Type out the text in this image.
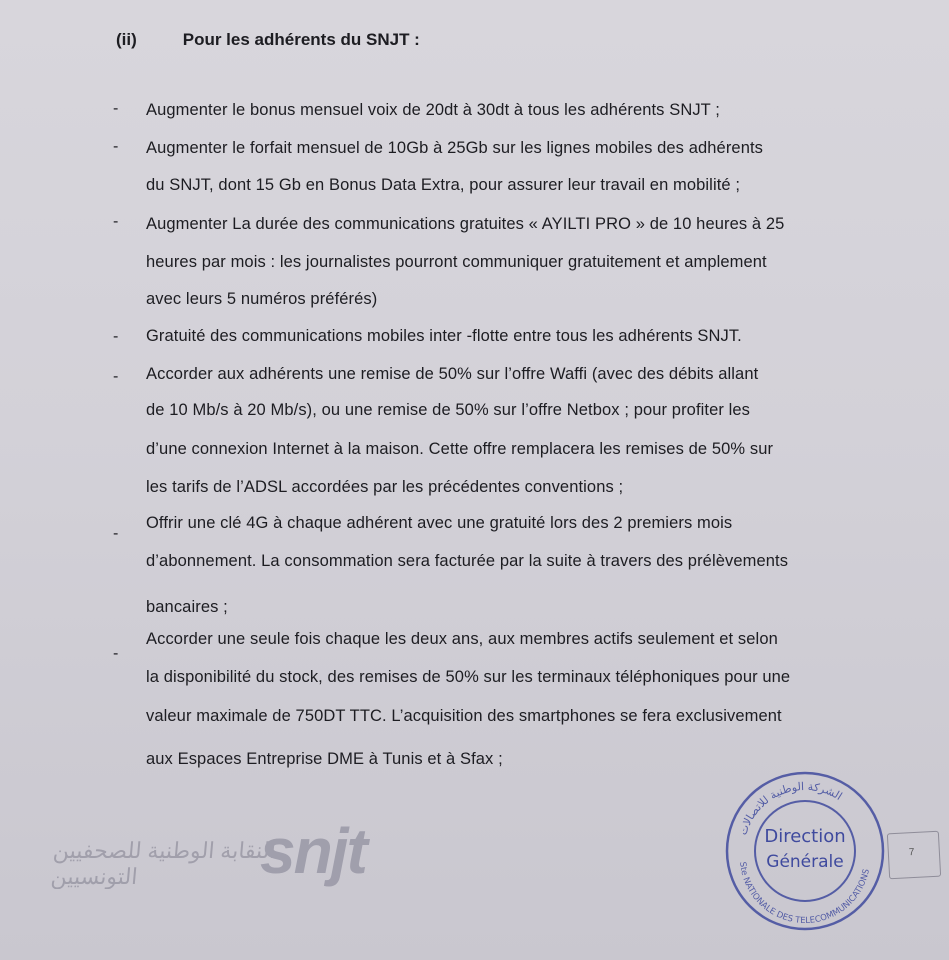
(ii)	Pour les adhérents du SNJT :
-
-
-
-
-
-
-
Augmenter le bonus mensuel voix de 20dt à 30dt à tous les adhérents SNJT ;
Augmenter le forfait mensuel de 10Gb à 25Gb sur les lignes mobiles des adhérents
du SNJT, dont 15 Gb en Bonus Data Extra, pour assurer leur travail en mobilité ;
Augmenter La durée des communications gratuites « AYILTI PRO » de 10 heures à 25
heures par mois : les journalistes pourront communiquer gratuitement et amplement
avec leurs 5 numéros préférés)
Gratuité des communications mobiles inter -flotte entre tous les adhérents SNJT.
Accorder aux adhérents une remise de 50% sur l’offre Waffi (avec des débits allant
de 10 Mb/s à 20 Mb/s), ou une remise de 50% sur l’offre Netbox ; pour profiter les
d’une connexion Internet à la maison. Cette offre remplacera les remises de 50% sur
les tarifs de l’ADSL accordées par les précédentes conventions ;
Offrir une clé 4G à chaque adhérent avec une gratuité lors des 2 premiers mois
d’abonnement. La consommation sera facturée par la suite à travers des prélèvements
bancaires ;
Accorder une seule fois chaque les deux ans, aux membres actifs seulement et selon
la disponibilité du stock, des remises de 50% sur les terminaux téléphoniques pour une
valeur maximale de 750DT TTC. L’acquisition des smartphones se fera exclusivement
aux Espaces Entreprise DME à Tunis et à Sfax ;
النقابة الوطنية للصحفيين التونسيين	snjt	الشركة الوطنية للاتصالات
Ste NATIONALE DES TELECOMMUNICATIONS
Direction
Générale	7
